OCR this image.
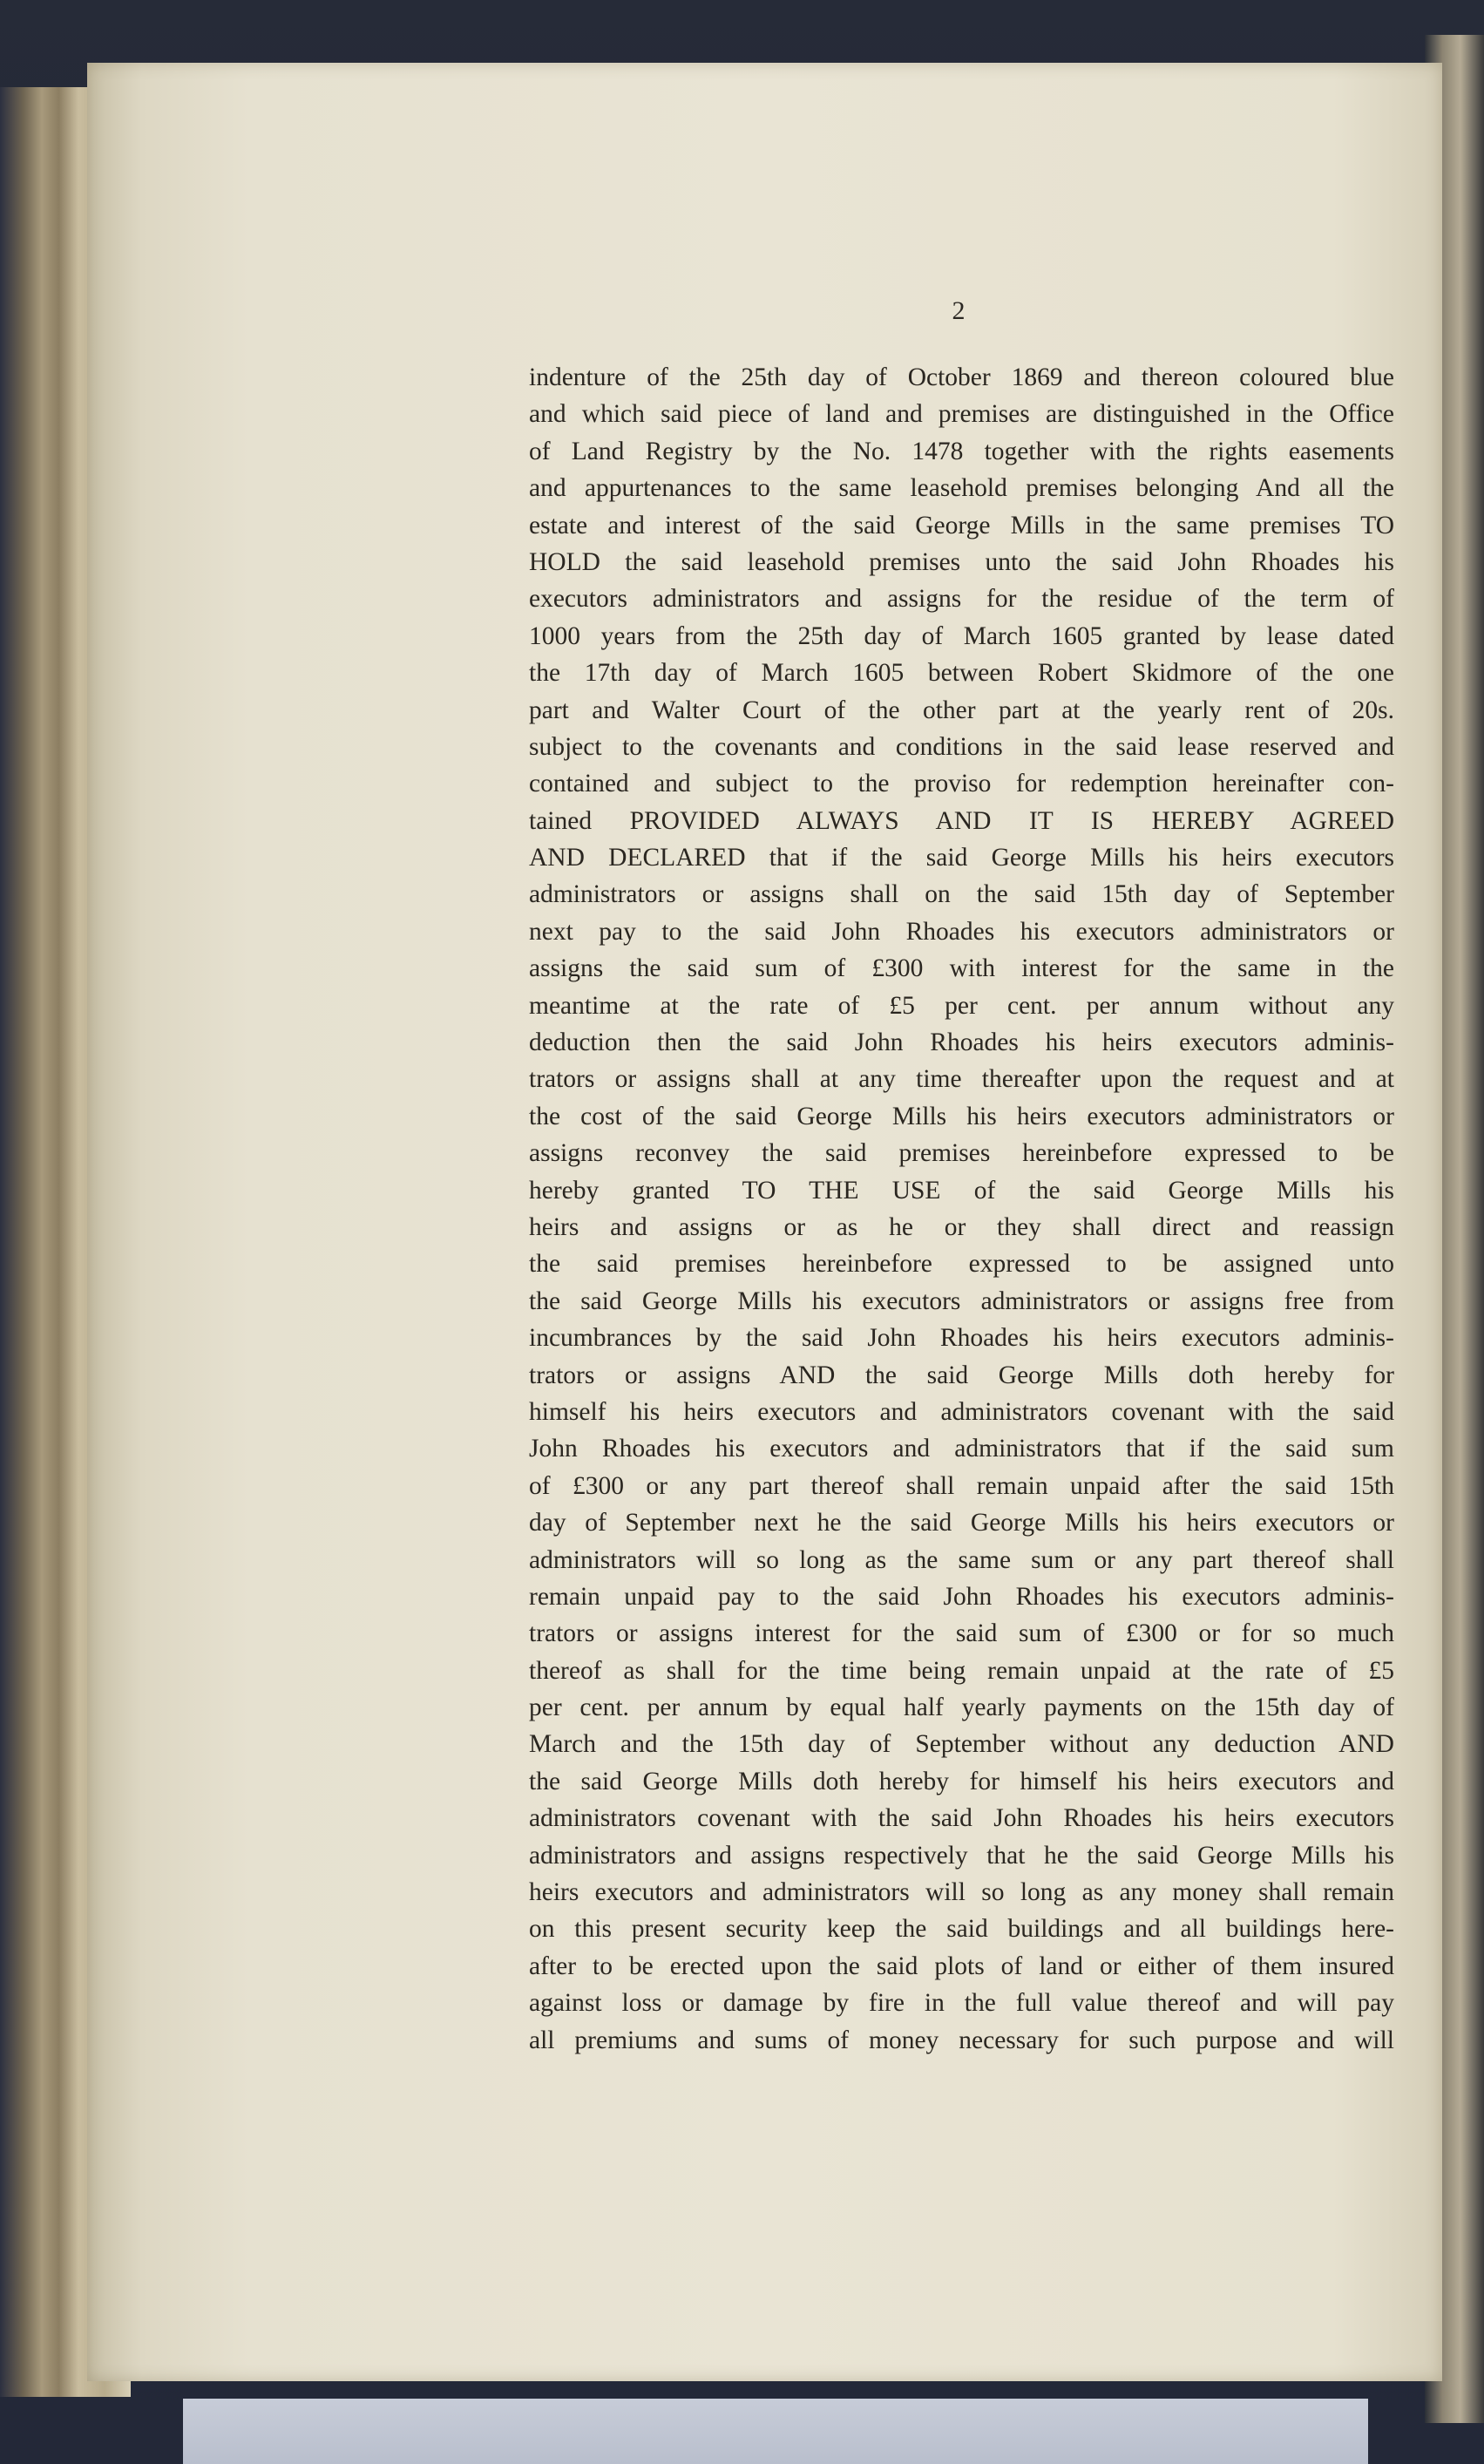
2
indenture of the 25th day of October 1869 and thereon coloured blue
and which said piece of land and premises are distinguished in the Office
of Land Registry by the No. 1478 together with the rights easements
and appurtenances to the same leasehold premises belonging And all the
estate and interest of the said George Mills in the same premises TO
HOLD the said leasehold premises unto the said John Rhoades his
executors administrators and assigns for the residue of the term of
1000 years from the 25th day of March 1605 granted by lease dated
the 17th day of March 1605 between Robert Skidmore of the one
part and Walter Court of the other part at the yearly rent of 20s.
subject to the covenants and conditions in the said lease reserved and
contained and subject to the proviso for redemption hereinafter con-
tained PROVIDED ALWAYS AND IT IS HEREBY AGREED
AND DECLARED that if the said George Mills his heirs executors
administrators or assigns shall on the said 15th day of September
next pay to the said John Rhoades his executors administrators or
assigns the said sum of £300 with interest for the same in the
meantime at the rate of £5 per cent. per annum without any
deduction then the said John Rhoades his heirs executors adminis-
trators or assigns shall at any time thereafter upon the request and at
the cost of the said George Mills his heirs executors administrators or
assigns reconvey the said premises hereinbefore expressed to be
hereby granted TO THE USE of the said George Mills his
heirs and assigns or as he or they shall direct and reassign
the said premises hereinbefore expressed to be assigned unto
the said George Mills his executors administrators or assigns free from
incumbrances by the said John Rhoades his heirs executors adminis-
trators or assigns AND the said George Mills doth hereby for
himself his heirs executors and administrators covenant with the said
John Rhoades his executors and administrators that if the said sum
of £300 or any part thereof shall remain unpaid after the said 15th
day of September next he the said George Mills his heirs executors or
administrators will so long as the same sum or any part thereof shall
remain unpaid pay to the said John Rhoades his executors adminis-
trators or assigns interest for the said sum of £300 or for so much
thereof as shall for the time being remain unpaid at the rate of £5
per cent. per annum by equal half yearly payments on the 15th day of
March and the 15th day of September without any deduction AND
the said George Mills doth hereby for himself his heirs executors and
administrators covenant with the said John Rhoades his heirs executors
administrators and assigns respectively that he the said George Mills his
heirs executors and administrators will so long as any money shall remain
on this present security keep the said buildings and all buildings here-
after to be erected upon the said plots of land or either of them insured
against loss or damage by fire in the full value thereof and will pay
all premiums and sums of money necessary for such purpose and will
